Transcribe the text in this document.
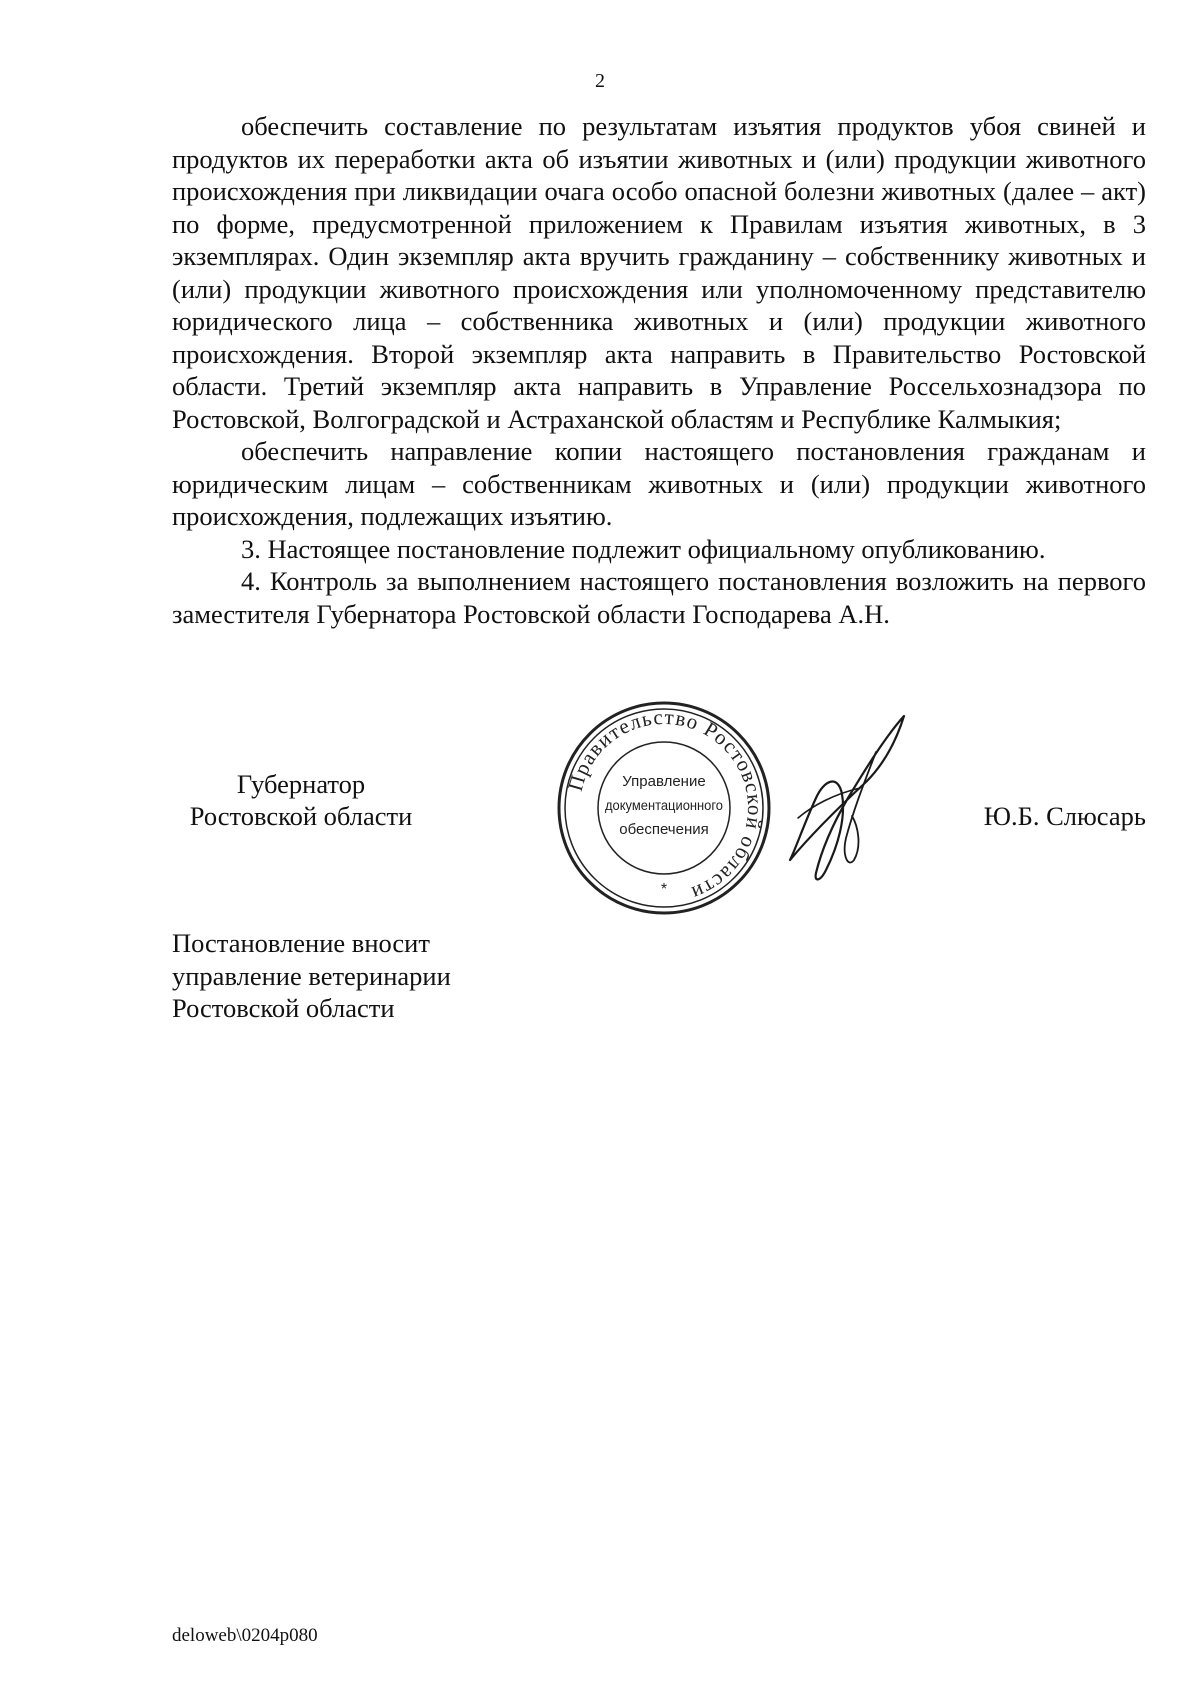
2

обеспечить составление по результатам изъятия продуктов убоя свиней и продуктов их переработки акта об изъятии животных и (или) продукции животного происхождения при ликвидации очага особо опасной болезни животных (далее – акт) по форме, предусмотренной приложением к Правилам изъятия животных, в 3 экземплярах. Один экземпляр акта вручить гражданину – собственнику животных и (или) продукции животного происхождения или уполномоченному представителю юридического лица – собственника животных и (или) продукции животного происхождения. Второй экземпляр акта направить в Правительство Ростовской области. Третий экземпляр акта направить в Управление Россельхознадзора по Ростовской, Волгоградской и Астраханской областям и Республике Калмыкия;

обеспечить направление копии настоящего постановления гражданам и юридическим лицам – собственникам животных и (или) продукции животного происхождения, подлежащих изъятию.

3. Настоящее постановление подлежит официальному опубликованию.

4. Контроль за выполнением настоящего постановления возложить на первого заместителя Губернатора Ростовской области Господарева А.Н.

Губернатор
Ростовской области
Правительство Ростовской области
Управление
документационного
обеспечения
*
Ю.Б. Слюсарь
Постановление вносит
управление ветеринарии
Ростовской области
deloweb\0204p080
